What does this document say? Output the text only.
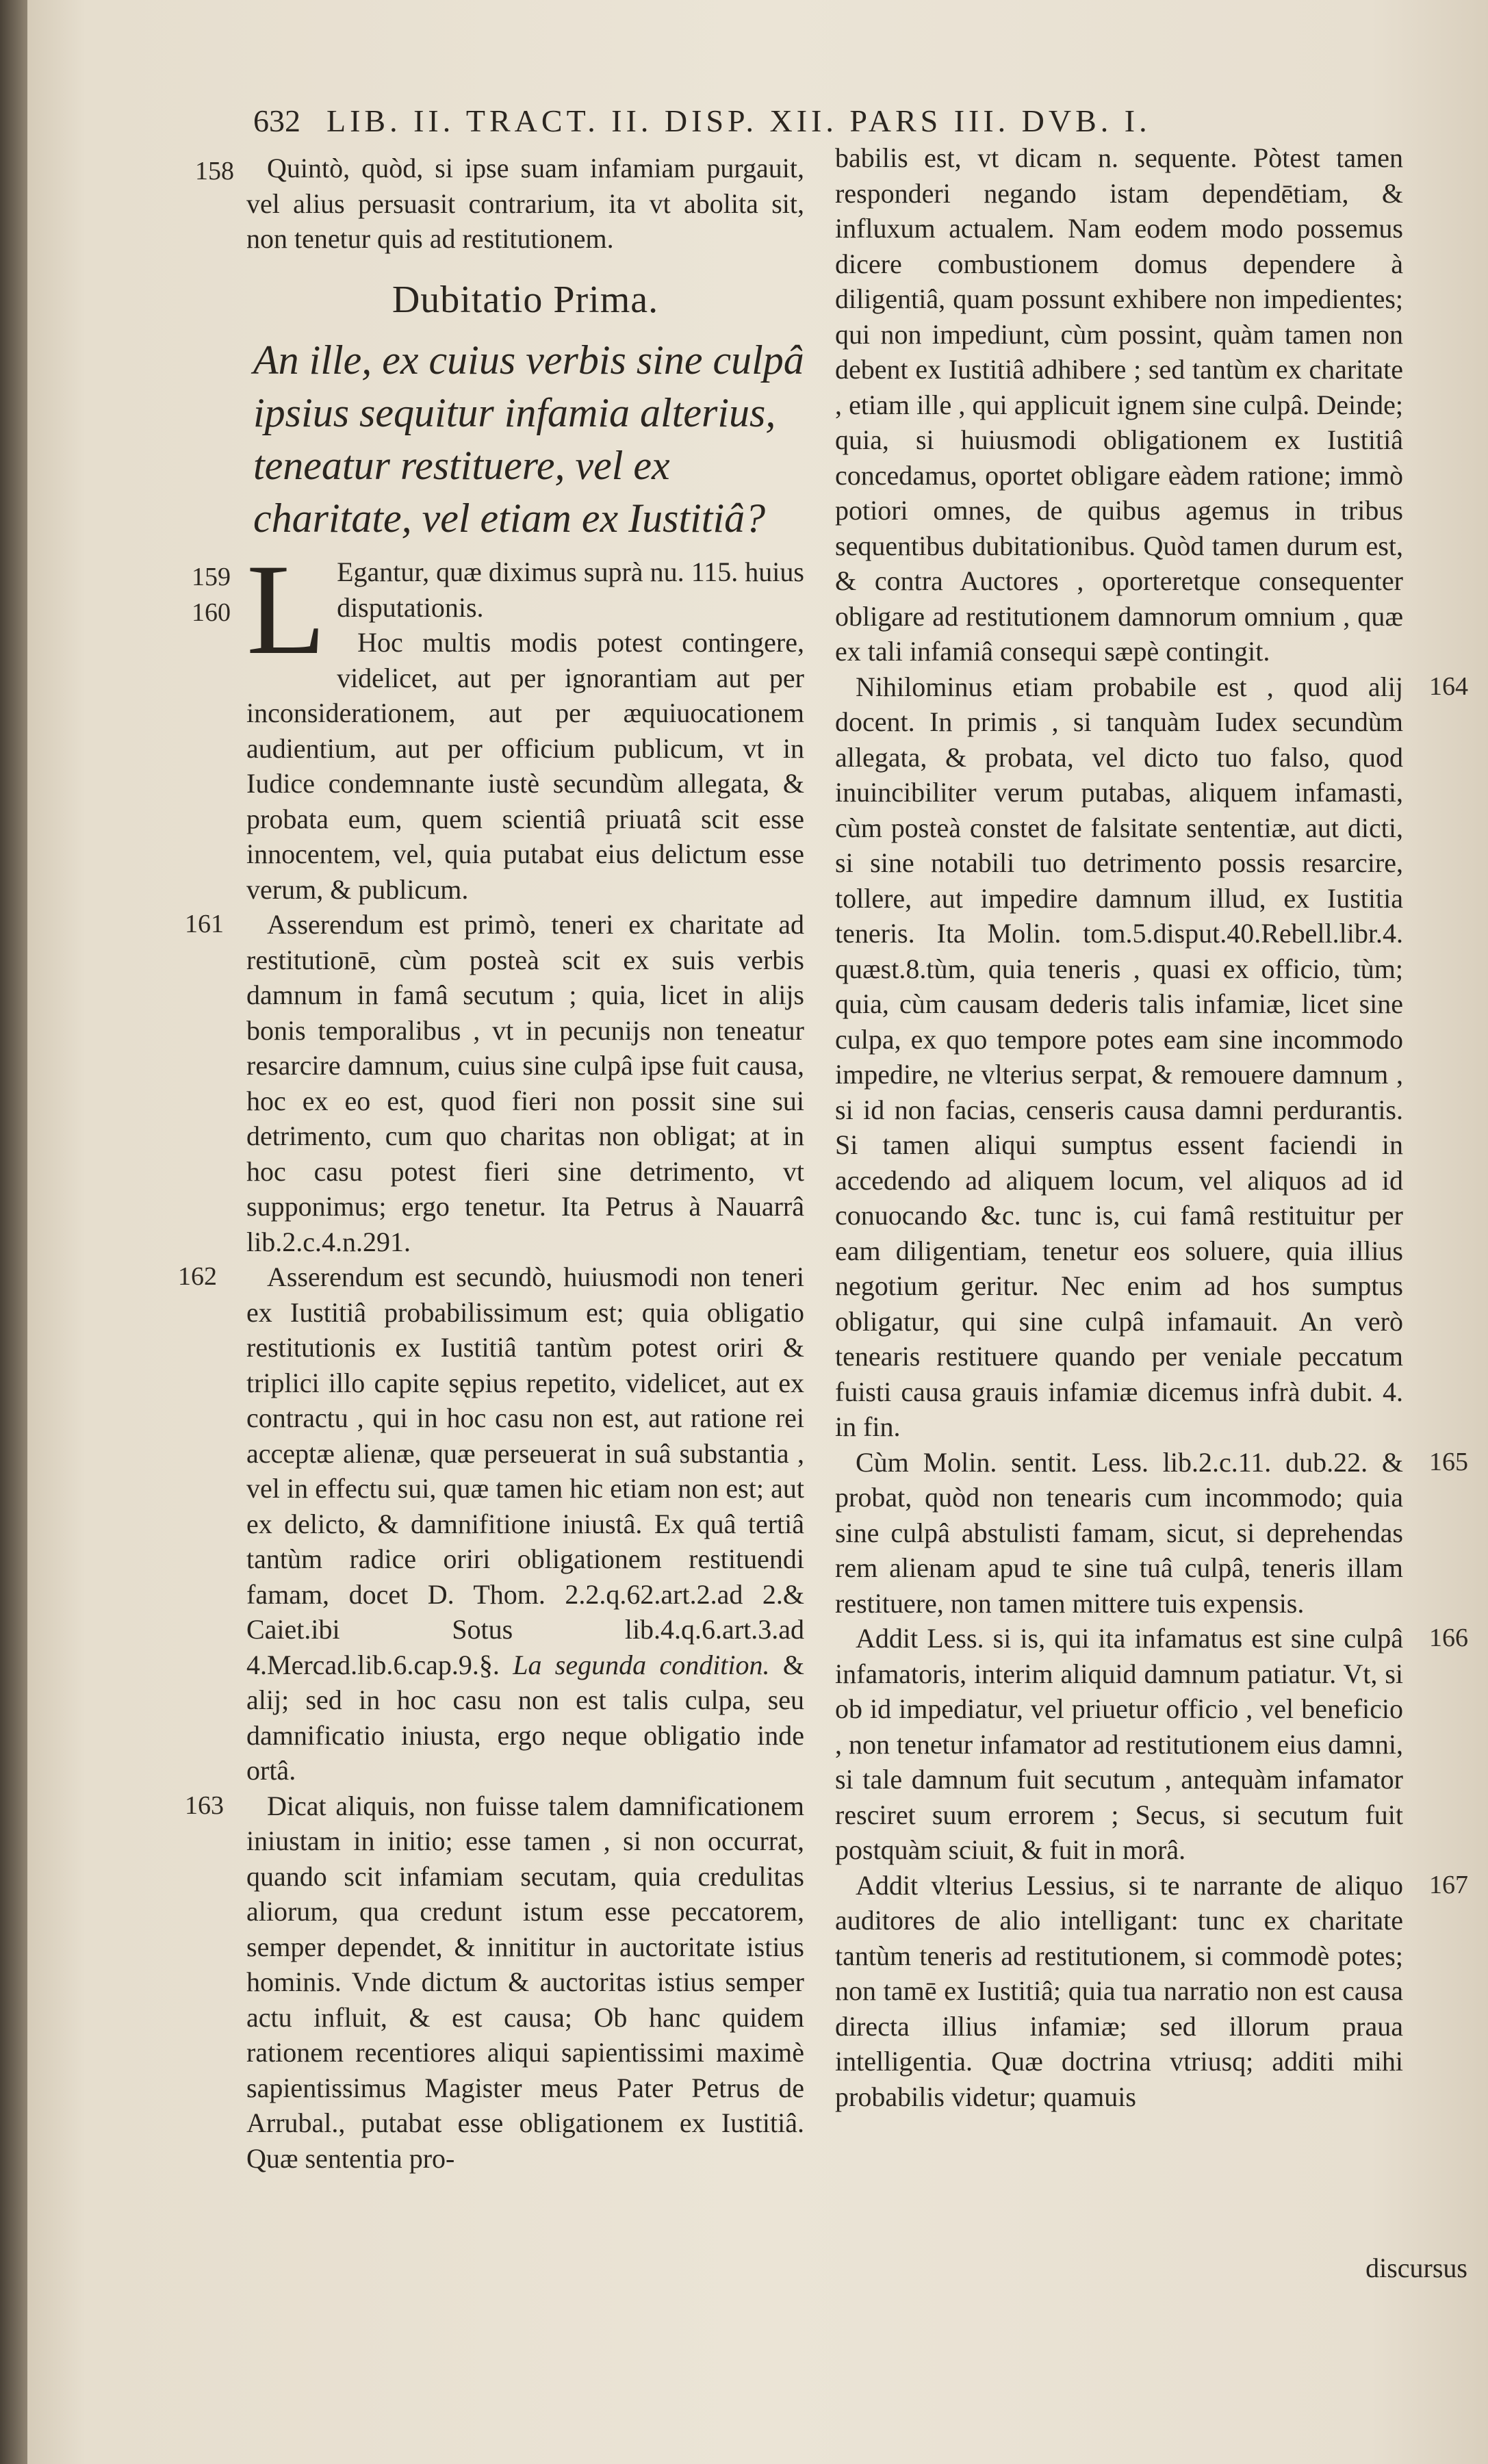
632 LIB. II. TRACT. II. DISP. XII. PARS III. DVB. I.
158	Quintò, quòd, si ipse suam infamiam purgauit, vel alius persuasit contrarium, ita vt abolita sit, non tenetur quis ad restitutionem.

Dubitatio Prima.

An ille, ex cuius verbis sine culpâ ipsius sequitur infamia alterius, teneatur restituere, vel ex charitate, vel etiam ex Iustitiâ?

159
160 L Egantur, quæ diximus suprà nu. 115. huius disputationis.

Hoc multis modis potest contingere, videlicet, aut per ignorantiam aut per inconsiderationem, aut per æquiuocationem audientium, aut per officium publicum, vt in Iudice condemnante iustè secundùm allegata, & probata eum, quem scientiâ priuatâ scit esse innocentem, vel, quia putabat eius delictum esse verum, & publicum.

161	Asserendum est primò, teneri ex charitate ad restitutionē, cùm posteà scit ex suis verbis damnum in famâ secutum ; quia, licet in alijs bonis temporalibus , vt in pecunijs non teneatur resarcire damnum, cuius sine culpâ ipse fuit causa, hoc ex eo est, quod fieri non possit sine sui detrimento, cum quo charitas non obligat; at in hoc casu potest fieri sine detrimento, vt supponimus; ergo tenetur. Ita Petrus à Nauarrâ lib.2.c.4.n.291.

162	Asserendum est secundò, huiusmodi non teneri ex Iustitiâ probabilissimum est; quia obligatio restitutionis ex Iustitiâ tantùm potest oriri & triplici illo capite sępius repetito, videlicet, aut ex contractu , qui in hoc casu non est, aut ratione rei acceptæ alienæ, quæ perseuerat in suâ substantia , vel in effectu sui, quæ tamen hic etiam non est; aut ex delicto, & damnifitione iniustâ. Ex quâ tertiâ tantùm radice oriri obligationem restituendi famam, docet D. Thom. 2.2.q.62.art.2.ad 2.& Caiet.ibi Sotus lib.4.q.6.art.3.ad 4.Mercad.lib.6.cap.9.§. La segunda condition. & alij; sed in hoc casu non est talis culpa, seu damnificatio iniusta, ergo neque obligatio inde ortâ.

163	Dicat aliquis, non fuisse talem damnificationem iniustam in initio; esse tamen , si non occurrat, quando scit infamiam secutam, quia credulitas aliorum, qua credunt istum esse peccatorem, semper dependet, & innititur in auctoritate istius hominis. Vnde dictum & auctoritas istius semper actu influit, & est causa; Ob hanc quidem rationem recentiores aliqui sapientissimi maximè sapientissimus Magister meus Pater Petrus de Arrubal., putabat esse obligationem ex Iustitiâ. Quæ sententia pro-

babilis est, vt dicam n. sequente. Pòtest tamen responderi negando istam dependētiam, & influxum actualem. Nam eodem modo possemus dicere combustionem domus dependere à diligentiâ, quam possunt exhibere non impedientes; qui non impediunt, cùm possint, quàm tamen non debent ex Iustitiâ adhibere ; sed tantùm ex charitate , etiam ille , qui applicuit ignem sine culpâ. Deinde; quia, si huiusmodi obligationem ex Iustitiâ concedamus, oportet obligare eàdem ratione; immò potiori omnes, de quibus agemus in tribus sequentibus dubitationibus. Quòd tamen durum est, & contra Auctores , oporteretque consequenter obligare ad restitutionem damnorum omnium , quæ ex tali infamiâ consequi sæpè contingit.

164

Nihilominus etiam probabile est , quod alij docent. In primis , si tanquàm Iudex secundùm allegata, & probata, vel dicto tuo falso, quod inuincibiliter verum putabas, aliquem infamasti, cùm posteà constet de falsitate sententiæ, aut dicti, si sine notabili tuo detrimento possis resarcire, tollere, aut impedire damnum illud, ex Iustitia teneris. Ita Molin. tom.5.disput.40.Rebell.libr.4. quæst.8.tùm, quia teneris , quasi ex officio, tùm; quia, cùm causam dederis talis infamiæ, licet sine culpa, ex quo tempore potes eam sine incommodo impedire, ne vlterius serpat, & remouere damnum , si id non facias, censeris causa damni perdurantis. Si tamen aliqui sumptus essent faciendi in accedendo ad aliquem locum, vel aliquos ad id conuocando &c. tunc is, cui famâ restituitur per eam diligentiam, tenetur eos soluere, quia illius negotium geritur. Nec enim ad hos sumptus obligatur, qui sine culpâ infamauit. An verò tenearis restituere quando per veniale peccatum fuisti causa grauis infamiæ dicemus infrà dubit. 4. in fin.

165

Cùm Molin. sentit. Less. lib.2.c.11. dub.22. & probat, quòd non tenearis cum incommodo; quia sine culpâ abstulisti famam, sicut, si deprehendas rem alienam apud te sine tuâ culpâ, teneris illam restituere, non tamen mittere tuis expensis.

166

Addit Less. si is, qui ita infamatus est sine culpâ infamatoris, interim aliquid damnum patiatur. Vt, si ob id impediatur, vel priuetur officio , vel beneficio , non tenetur infamator ad restitutionem eius damni, si tale damnum fuit secutum , antequàm infamator resciret suum errorem ; Secus, si secutum fuit postquàm sciuit, & fuit in morâ.

167

Addit vlterius Lessius, si te narrante de aliquo auditores de alio intelligant: tunc ex charitate tantùm teneris ad restitutionem, si commodè potes; non tamē ex Iustitiâ; quia tua narratio non est causa directa illius infamiæ; sed illorum praua intelligentia. Quæ doctrina vtriusq; additi mihi probabilis videtur; quamuis

discursus
